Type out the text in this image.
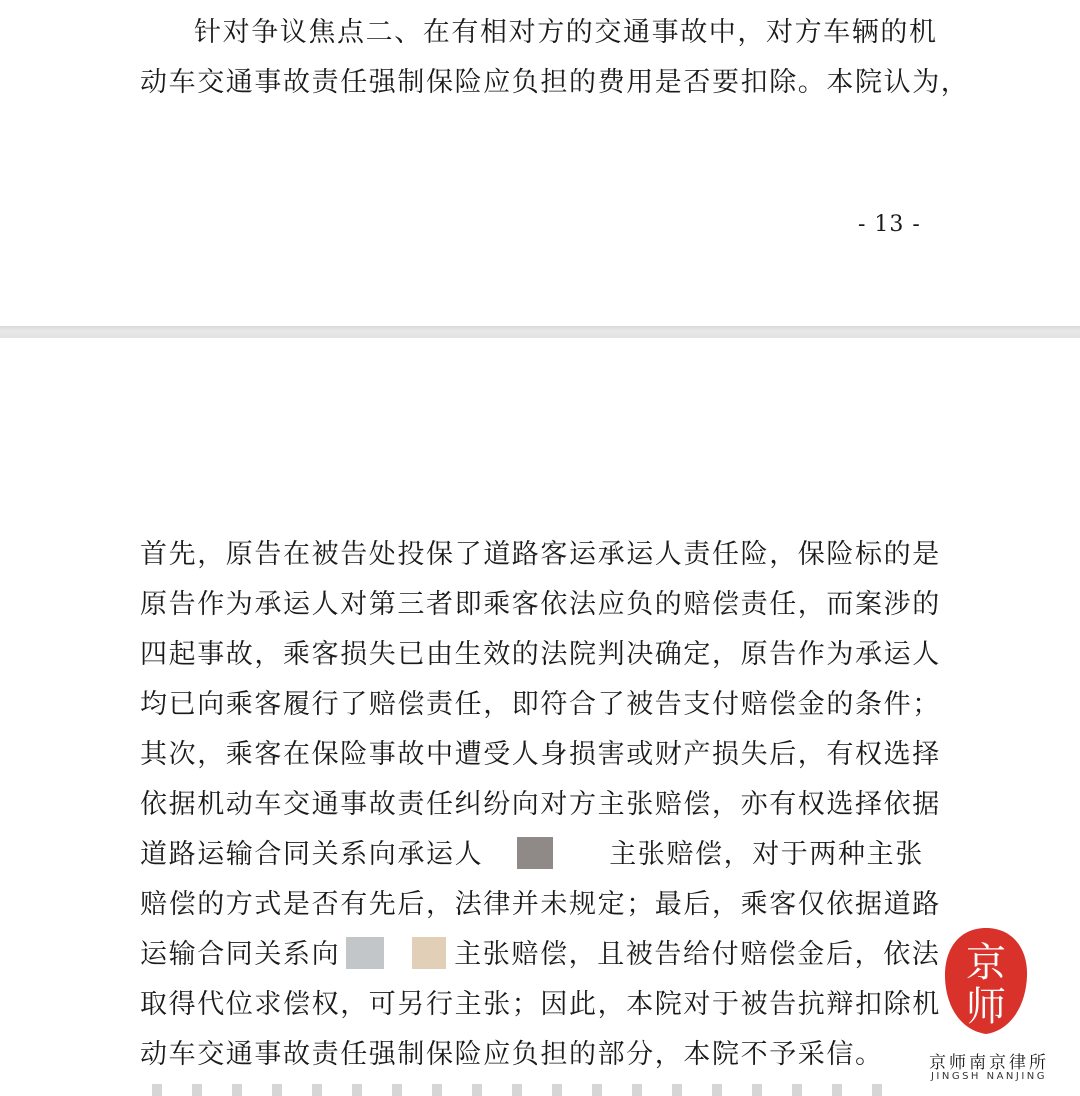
针对争议焦点二、在有相对方的交通事故中，对方车辆的机
动车交通事故责任强制保险应负担的费用是否要扣除。本院认为，

- 13 -

首先，原告在被告处投保了道路客运承运人责任险，保险标的是
原告作为承运人对第三者即乘客依法应负的赔偿责任，而案涉的
四起事故，乘客损失已由生效的法院判决确定，原告作为承运人
均已向乘客履行了赔偿责任，即符合了被告支付赔偿金的条件；
其次，乘客在保险事故中遭受人身损害或财产损失后，有权选择
依据机动车交通事故责任纠纷向对方主张赔偿，亦有权选择依据
道路运输合同关系向承运人	主张赔偿，对于两种主张
赔偿的方式是否有先后，法律并未规定；最后，乘客仅依据道路
运输合同关系向	主张赔偿，且被告给付赔偿金后，依法
取得代位求偿权，可另行主张；因此，本院对于被告抗辩扣除机
动车交通事故责任强制保险应负担的部分，本院不予采信。

京
师
京师南京律所
JINGSH NANJING
